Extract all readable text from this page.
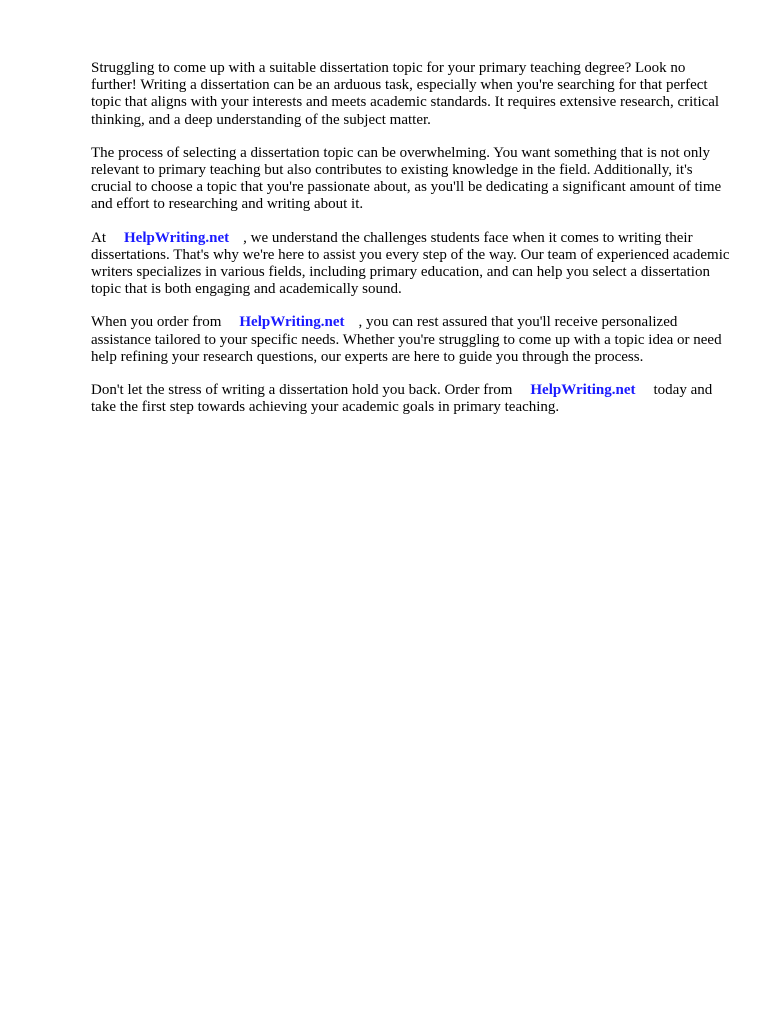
Struggling to come up with a suitable dissertation topic for your primary teaching degree? Look no further! Writing a dissertation can be an arduous task, especially when you're searching for that perfect topic that aligns with your interests and meets academic standards. It requires extensive research, critical thinking, and a deep understanding of the subject matter.

The process of selecting a dissertation topic can be overwhelming. You want something that is not only relevant to primary teaching but also contributes to existing knowledge in the field. Additionally, it's crucial to choose a topic that you're passionate about, as you'll be dedicating a significant amount of time and effort to researching and writing about it.

At HelpWriting.net , we understand the challenges students face when it comes to writing their dissertations. That's why we're here to assist you every step of the way. Our team of experienced academic writers specializes in various fields, including primary education, and can help you select a dissertation topic that is both engaging and academically sound.

When you order from HelpWriting.net , you can rest assured that you'll receive personalized assistance tailored to your specific needs. Whether you're struggling to come up with a topic idea or need help refining your research questions, our experts are here to guide you through the process.

Don't let the stress of writing a dissertation hold you back. Order from HelpWriting.net today and take the first step towards achieving your academic goals in primary teaching.
